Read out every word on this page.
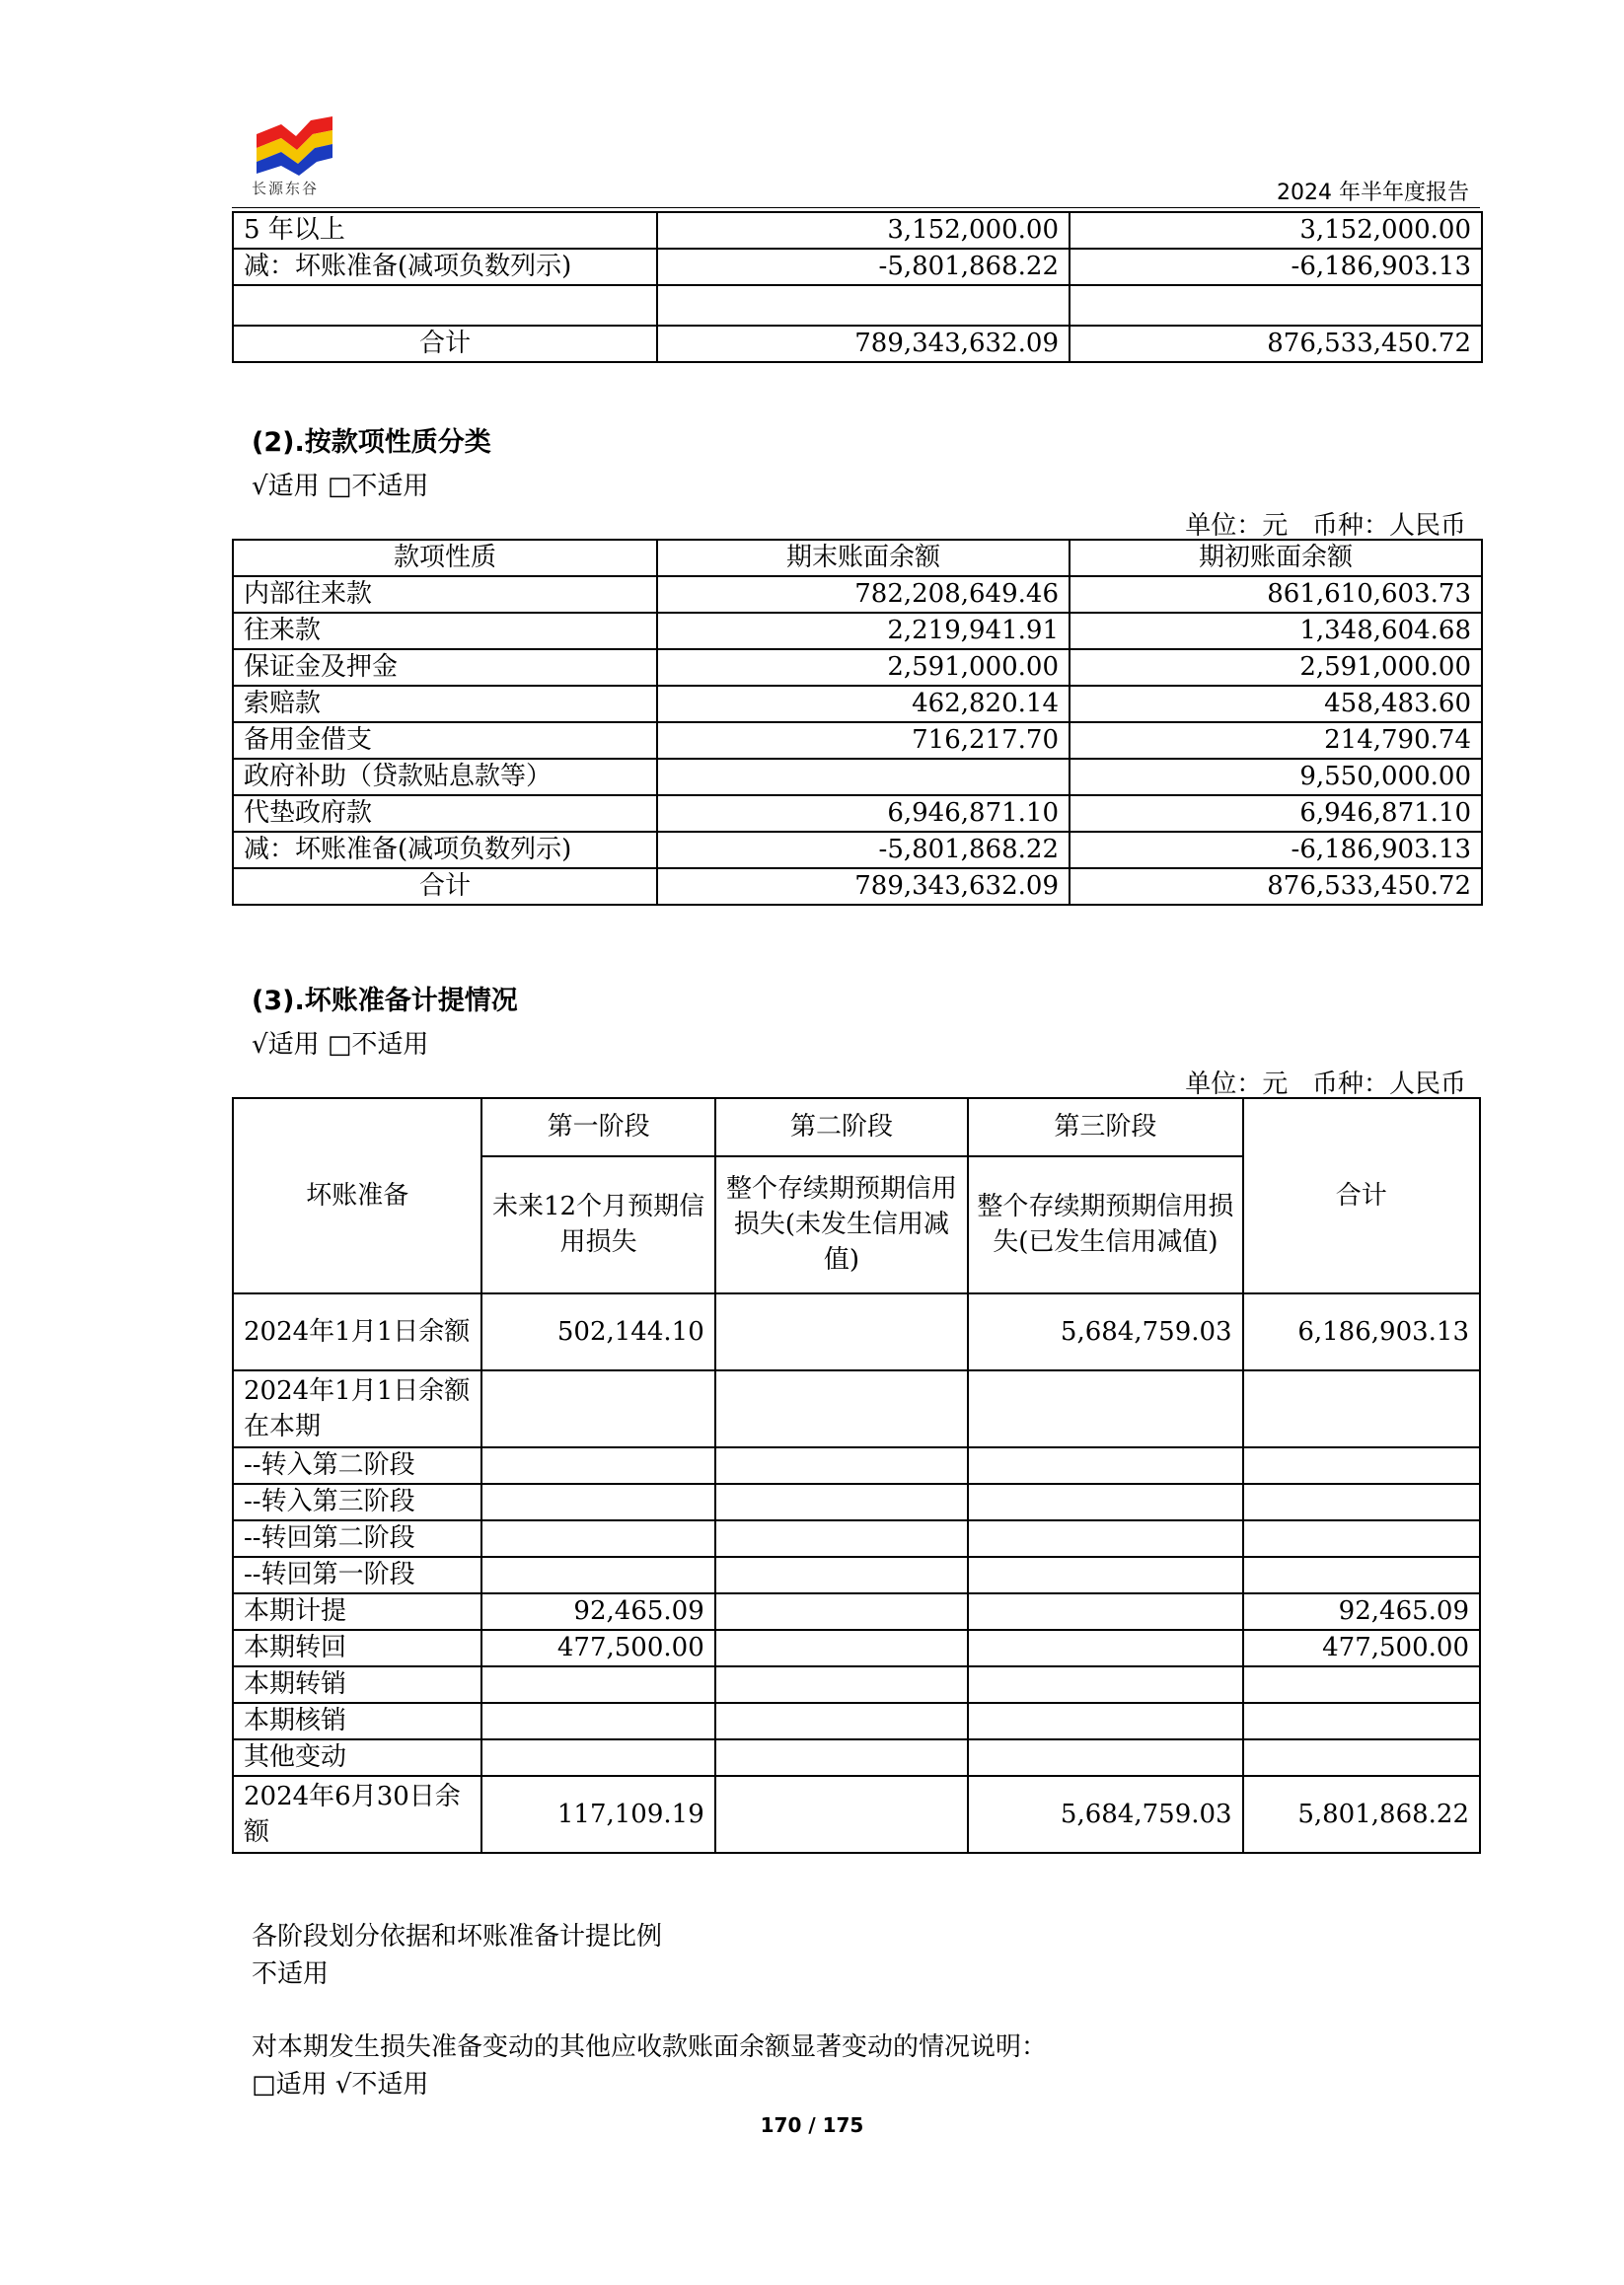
长源东谷	2024 年半年度报告
5 年以上	3,152,000.00	3,152,000.00
减：坏账准备(减项负数列示)	-5,801,868.22	-6,186,903.13

合计	789,343,632.09	876,533,450.72
(2).按款项性质分类
√适用 □不适用
单位：元   币种：人民币
款项性质	期末账面余额	期初账面余额
内部往来款	782,208,649.46	861,610,603.73
往来款	2,219,941.91	1,348,604.68
保证金及押金	2,591,000.00	2,591,000.00
索赔款	462,820.14	458,483.60
备用金借支	716,217.70	214,790.74
政府补助（贷款贴息款等）		9,550,000.00
代垫政府款	6,946,871.10	6,946,871.10
减：坏账准备(减项负数列示)	-5,801,868.22	-6,186,903.13
合计	789,343,632.09	876,533,450.72
(3).坏账准备计提情况
√适用 □不适用
单位：元   币种：人民币
坏账准备	第一阶段	第二阶段	第三阶段	合计
	未来12个月预期信用损失	整个存续期预期信用损失(未发生信用减值)	整个存续期预期信用损失(已发生信用减值)	
2024年1月1日余额	502,144.10		5,684,759.03	6,186,903.13
2024年1月1日余额在本期				
--转入第二阶段				
--转入第三阶段				
--转回第二阶段				
--转回第一阶段				
本期计提	92,465.09			92,465.09
本期转回	477,500.00			477,500.00
本期转销				
本期核销				
其他变动				
2024年6月30日余额	117,109.19		5,684,759.03	5,801,868.22
各阶段划分依据和坏账准备计提比例
不适用
对本期发生损失准备变动的其他应收款账面余额显著变动的情况说明：
□适用 √不适用
170 / 175
